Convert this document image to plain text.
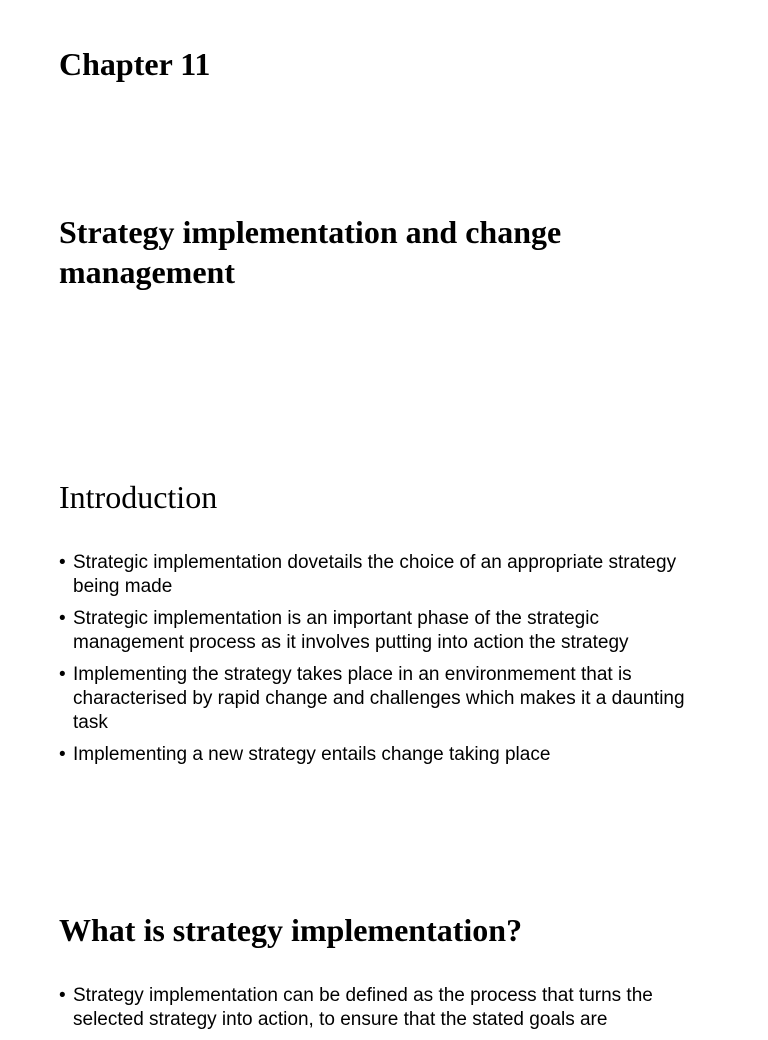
Chapter 11
Strategy implementation and change management
Introduction
• Strategic implementation dovetails the choice of an appropriate strategy being made
• Strategic implementation is an important phase of the strategic management process as it involves putting into action the strategy
• Implementing the strategy takes place in an environmement that is characterised by rapid change and challenges which makes it a daunting task
• Implementing a new strategy entails change taking place
What is strategy implementation?
• Strategy implementation can be defined as the process that turns the selected strategy into action, to ensure that the stated goals are
